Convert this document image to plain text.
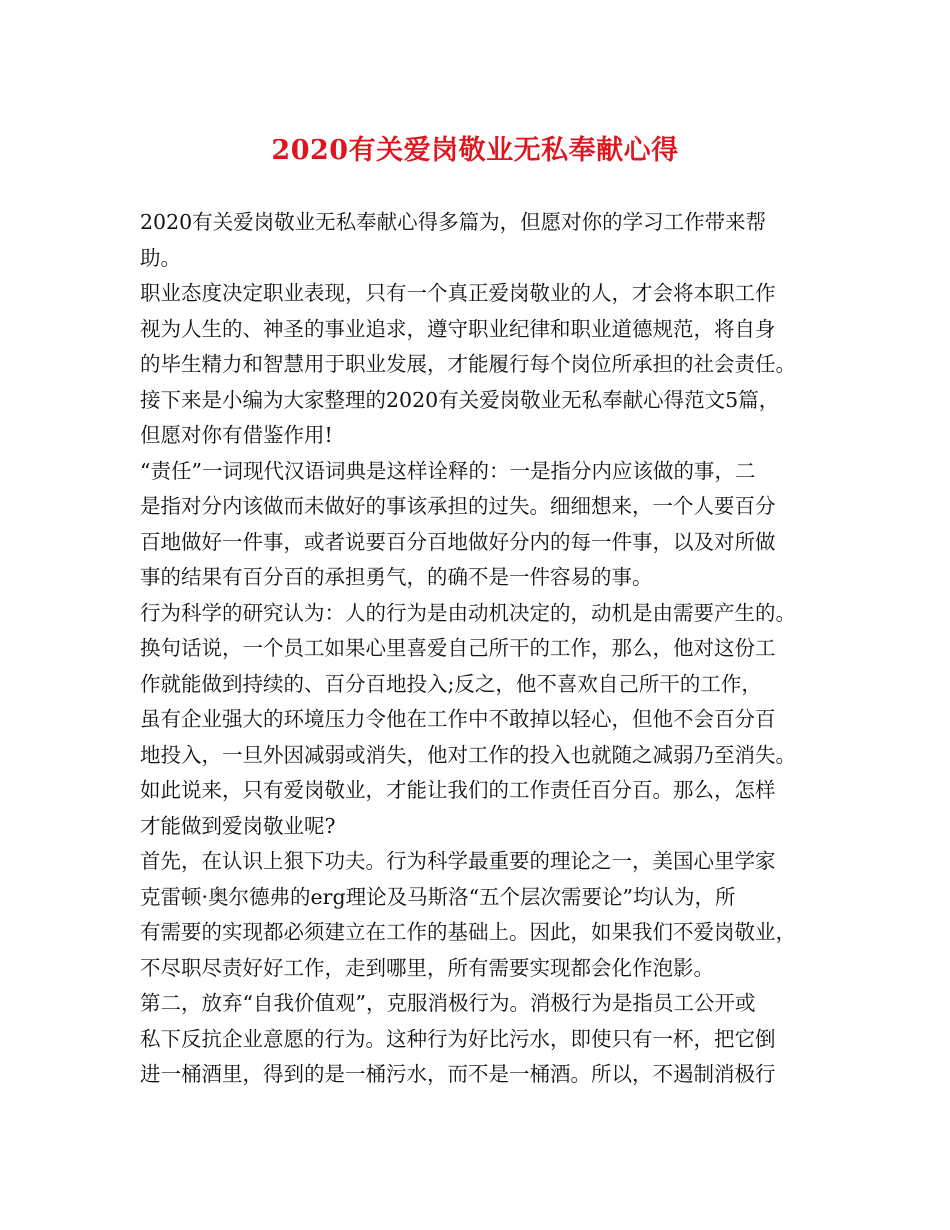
2020有关爱岗敬业无私奉献心得
2020有关爱岗敬业无私奉献心得多篇为，但愿对你的学习工作带来帮
助。
职业态度决定职业表现，只有一个真正爱岗敬业的人，才会将本职工作
视为人生的、神圣的事业追求，遵守职业纪律和职业道德规范，将自身
的毕生精力和智慧用于职业发展，才能履行每个岗位所承担的社会责任。
接下来是小编为大家整理的2020有关爱岗敬业无私奉献心得范文5篇，
但愿对你有借鉴作用!
“责任”一词现代汉语词典是这样诠释的：一是指分内应该做的事，二
是指对分内该做而未做好的事该承担的过失。细细想来，一个人要百分
百地做好一件事，或者说要百分百地做好分内的每一件事，以及对所做
事的结果有百分百的承担勇气，的确不是一件容易的事。
行为科学的研究认为：人的行为是由动机决定的，动机是由需要产生的。
换句话说，一个员工如果心里喜爱自己所干的工作，那么，他对这份工
作就能做到持续的、百分百地投入;反之，他不喜欢自己所干的工作，
虽有企业强大的环境压力令他在工作中不敢掉以轻心，但他不会百分百
地投入，一旦外因减弱或消失，他对工作的投入也就随之减弱乃至消失。
如此说来，只有爱岗敬业，才能让我们的工作责任百分百。那么，怎样
才能做到爱岗敬业呢?
首先，在认识上狠下功夫。行为科学最重要的理论之一，美国心里学家
克雷顿·奥尔德弗的erg理论及马斯洛“五个层次需要论”均认为，所
有需要的实现都必须建立在工作的基础上。因此，如果我们不爱岗敬业，
不尽职尽责好好工作，走到哪里，所有需要实现都会化作泡影。
第二，放弃“自我价值观”，克服消极行为。消极行为是指员工公开或
私下反抗企业意愿的行为。这种行为好比污水，即使只有一杯，把它倒
进一桶酒里，得到的是一桶污水，而不是一桶酒。所以，不遏制消极行
